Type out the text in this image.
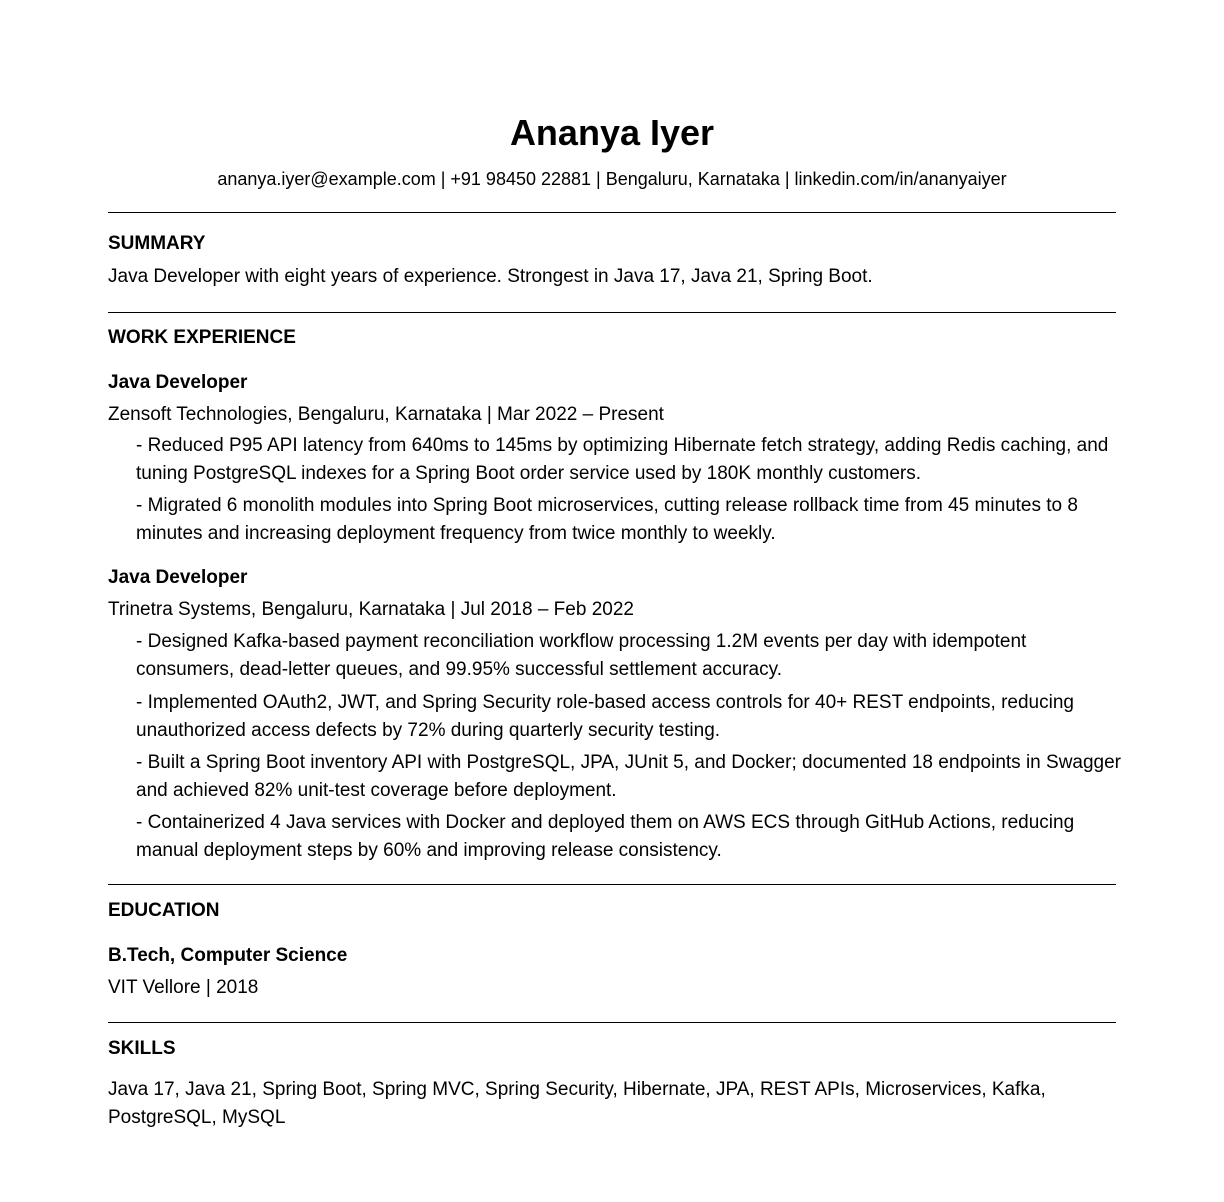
Ananya Iyer
ananya.iyer@example.com | +91 98450 22881 | Bengaluru, Karnataka | linkedin.com/in/ananyaiyer
SUMMARY
Java Developer with eight years of experience. Strongest in Java 17, Java 21, Spring Boot.
WORK EXPERIENCE
Java Developer
Zensoft Technologies, Bengaluru, Karnataka | Mar 2022 – Present
- Reduced P95 API latency from 640ms to 145ms by optimizing Hibernate fetch strategy, adding Redis caching, and tuning PostgreSQL indexes for a Spring Boot order service used by 180K monthly customers.
- Migrated 6 monolith modules into Spring Boot microservices, cutting release rollback time from 45 minutes to 8 minutes and increasing deployment frequency from twice monthly to weekly.
Java Developer
Trinetra Systems, Bengaluru, Karnataka | Jul 2018 – Feb 2022
- Designed Kafka-based payment reconciliation workflow processing 1.2M events per day with idempotent consumers, dead-letter queues, and 99.95% successful settlement accuracy.
- Implemented OAuth2, JWT, and Spring Security role-based access controls for 40+ REST endpoints, reducing unauthorized access defects by 72% during quarterly security testing.
- Built a Spring Boot inventory API with PostgreSQL, JPA, JUnit 5, and Docker; documented 18 endpoints in Swagger and achieved 82% unit-test coverage before deployment.
- Containerized 4 Java services with Docker and deployed them on AWS ECS through GitHub Actions, reducing manual deployment steps by 60% and improving release consistency.
EDUCATION
B.Tech, Computer Science
VIT Vellore | 2018
SKILLS
Java 17, Java 21, Spring Boot, Spring MVC, Spring Security, Hibernate, JPA, REST APIs, Microservices, Kafka, PostgreSQL, MySQL
